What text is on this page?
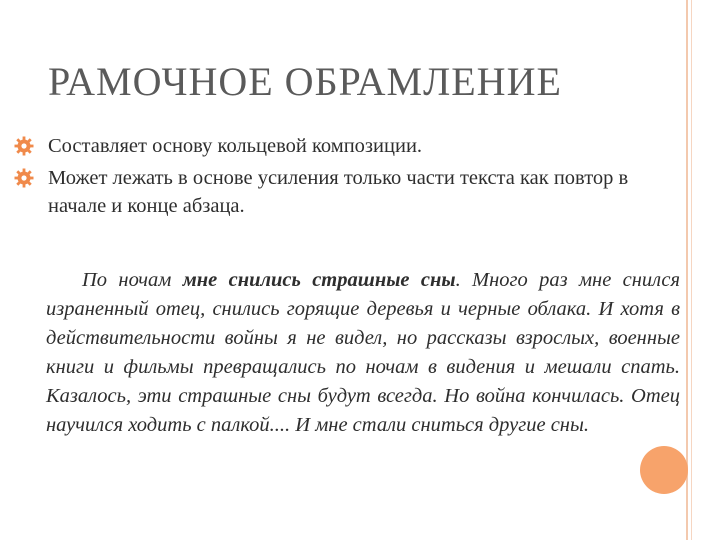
РАМОЧНОЕ ОБРАМЛЕНИЕ
Составляет основу кольцевой композиции.
Может лежать в основе усиления только части текста как повтор в начале и конце абзаца.
По ночам мне снились страшные сны. Много раз мне снился израненный отец, снились горящие деревья и черные облака. И хотя в действительности войны я не видел, но рассказы взрослых, военные книги и фильмы превращались по ночам в видения и мешали спать. Казалось, эти страшные сны будут всегда. Но война кончилась. Отец научился ходить с палкой.... И мне стали сниться другие сны.
